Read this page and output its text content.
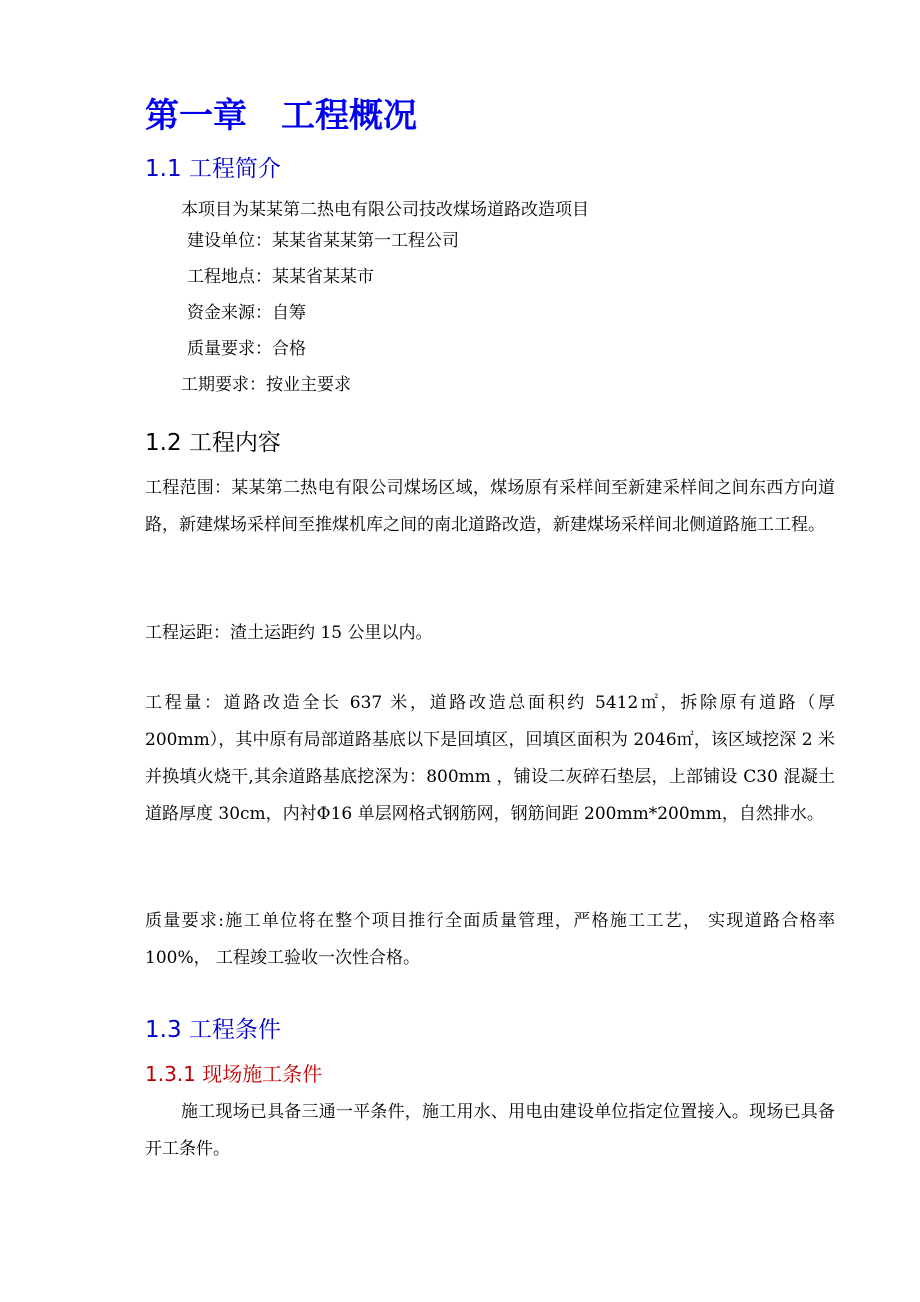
第一章 工程概况
1.1 工程简介
本项目为某某第二热电有限公司技改煤场道路改造项目
建设单位：某某省某某第一工程公司
工程地点：某某省某某市
资金来源：自筹
质量要求：合格
工期要求：按业主要求
1.2 工程内容
工程范围：某某第二热电有限公司煤场区域，煤场原有采样间至新建采样间之间东西方向道路，新建煤场采样间至推煤机库之间的南北道路改造，新建煤场采样间北侧道路施工工程。
工程运距：渣土运距约 15 公里以内。
工程量：道路改造全长 637 米，道路改造总面积约 5412㎡，拆除原有道路（厚 200mm），其中原有局部道路基底以下是回填区，回填区面积为 2046㎡，该区域挖深 2 米并换填火烧干,其余道路基底挖深为：800mm ，铺设二灰碎石垫层，上部铺设 C30 混凝土道路厚度 30cm，内衬Φ16 单层网格式钢筋网，钢筋间距 200mm*200mm，自然排水。
质量要求:施工单位将在整个项目推行全面质量管理，严格施工工艺， 实现道路合格率 100%， 工程竣工验收一次性合格。
1.3 工程条件
1.3.1 现场施工条件
施工现场已具备三通一平条件，施工用水、用电由建设单位指定位置接入。现场已具备开工条件。
